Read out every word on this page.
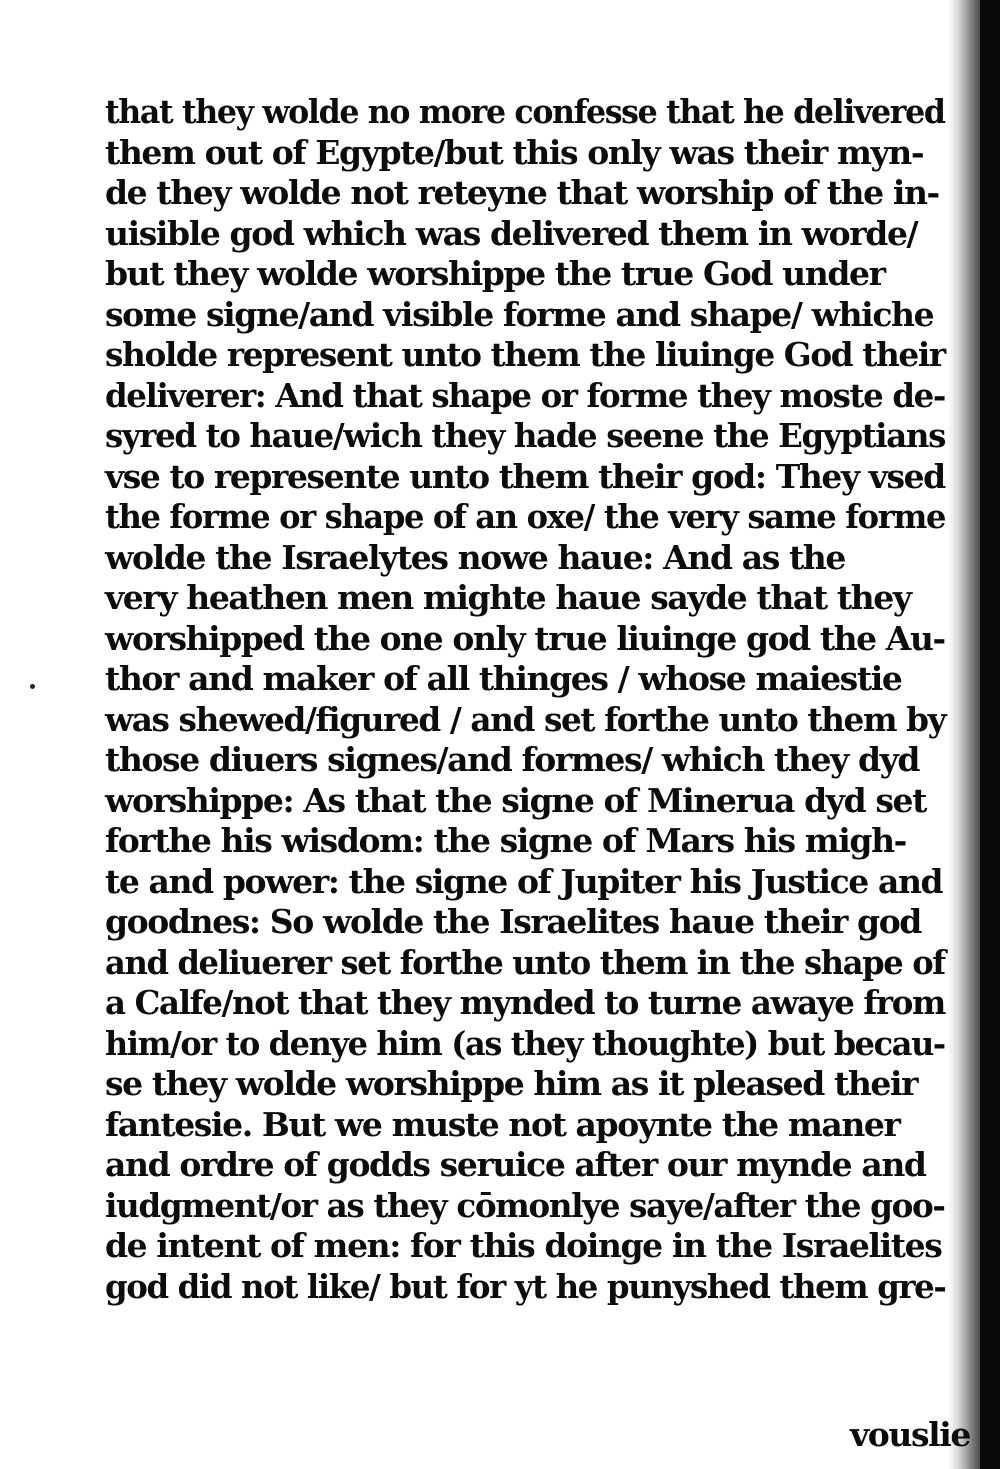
that they wolde no more confesse that he delivered
them out of Egypte/but this only was their myn-
de they wolde not reteyne that worship of the in-
uisible god which was delivered them in worde/
but they wolde worshippe the true God under
some signe/and visible forme and shape/ whiche
sholde represent unto them the liuinge God their
deliverer: And that shape or forme they moste de-
syred to haue/wich they hade seene the Egyptians
vse to represente unto them their god: They vsed
the forme or shape of an oxe/ the very same forme
wolde the Israelytes nowe haue: And as the
very heathen men mighte haue sayde that they
worshipped the one only true liuinge god the Au-
thor and maker of all thinges / whose maiestie
was shewed/figured / and set forthe unto them by
those diuers signes/and formes/ which they dyd
worshippe: As that the signe of Minerua dyd set
forthe his wisdom: the signe of Mars his migh-
te and power: the signe of Jupiter his Justice and
goodnes: So wolde the Israelites haue their god
and deliuerer set forthe unto them in the shape of
a Calfe/not that they mynded to turne awaye from
him/or to denye him (as they thoughte) but becau-
se they wolde worshippe him as it pleased their
fantesie. But we muste not apoynte the maner
and ordre of godds seruice after our mynde and
iudgment/or as they cōmonlye saye/after the goo-
de intent of men: for this doinge in the Israelites
god did not like/ but for yt he punyshed them gre-
vouslie
